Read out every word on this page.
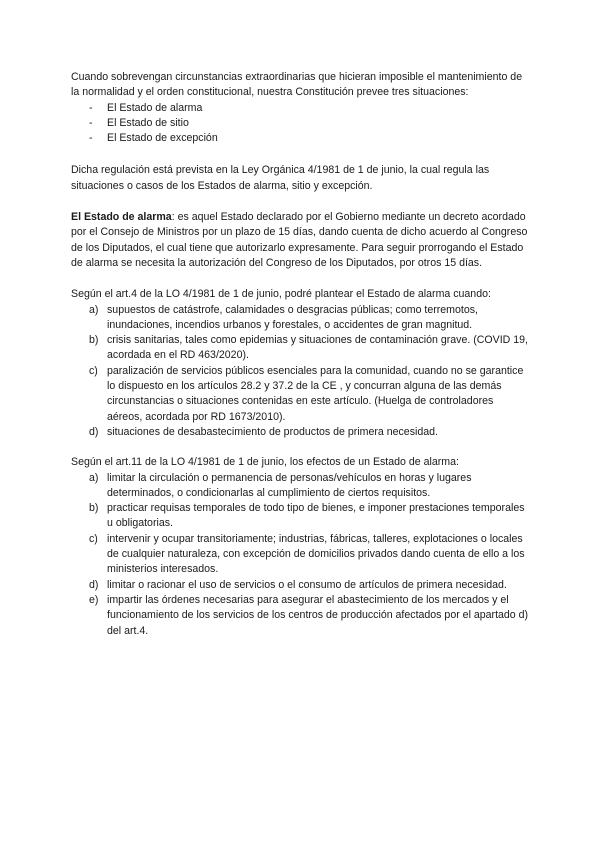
Cuando sobrevengan circunstancias extraordinarias que hicieran imposible el mantenimiento de la normalidad y el orden constitucional, nuestra Constitución prevee tres situaciones:

- El Estado de alarma
- El Estado de sitio
- El Estado de excepción

Dicha regulación está prevista en la Ley Orgánica 4/1981 de 1 de junio, la cual regula las situaciones o casos de los Estados de alarma, sitio y excepción.

El Estado de alarma: es aquel Estado declarado por el Gobierno mediante un decreto acordado por el Consejo de Ministros por un plazo de 15 días, dando cuenta de dicho acuerdo al Congreso de los Diputados, el cual tiene que autorizarlo expresamente. Para seguir prorrogando el Estado de alarma se necesita la autorización del Congreso de los Diputados, por otros 15 días.

Según el art.4 de la LO 4/1981 de 1 de junio, podré plantear el Estado de alarma cuando:

a) supuestos de catástrofe, calamidades o desgracias públicas; como terremotos, inundaciones, incendios urbanos y forestales, o accidentes de gran magnitud.
b) crisis sanitarias, tales como epidemias y situaciones de contaminación grave. (COVID 19, acordada en el RD 463/2020).
c) paralización de servicios públicos esenciales para la comunidad, cuando no se garantice lo dispuesto en los artículos 28.2 y 37.2 de la CE , y concurran alguna de las demás circunstancias o situaciones contenidas en este artículo. (Huelga de controladores aéreos, acordada por RD 1673/2010).
d) situaciones de desabastecimiento de productos de primera necesidad.

Según el art.11 de la LO 4/1981 de 1 de junio, los efectos de un Estado de alarma:

a) limitar la circulación o permanencia de personas/vehículos en horas y lugares determinados, o condicionarlas al cumplimiento de ciertos requisitos.
b) practicar requisas temporales de todo tipo de bienes, e imponer prestaciones temporales u obligatorias.
c) intervenir y ocupar transitoriamente; industrias, fábricas, talleres, explotaciones o locales de cualquier naturaleza, con excepción de domicilios privados dando cuenta de ello a los ministerios interesados.
d) limitar o racionar el uso de servicios o el consumo de artículos de primera necesidad.
e) impartir las órdenes necesarias para asegurar el abastecimiento de los mercados y el funcionamiento de los servicios de los centros de producción afectados por el apartado d) del art.4.
